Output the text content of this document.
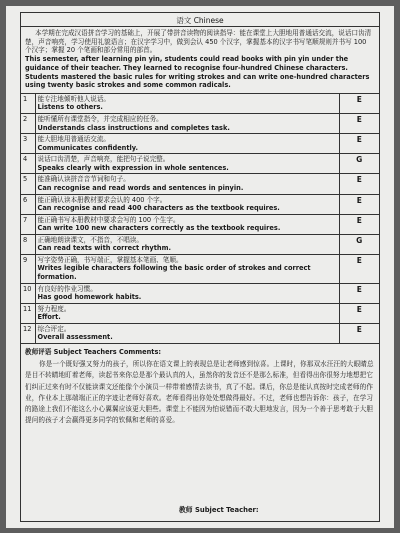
语文 Chinese

本学期在完成汉语拼音学习的基础上，开展了带拼音读物的阅读指导：能在课堂上大胆地用普通话交流，说话口齿清楚，声音响亮，学习使用礼貌语言；在汉字学习中，做到会认 450 个汉字，掌握基本的汉字书写笔顺规则并书写 100 个汉字；掌握 20 个笔画和部分常用的部首。

This semester, after learning pin yin, students could read books with pin yin under the guidance of their teacher. They learned to recognise four-hundred Chinese characters. Students mastered the basic rules for writing strokes and can write one-hundred characters using twenty basic strokes and some common radicals.

1	能专注地倾听他人说话。
Listens to others.	E
2	能听懂所有课堂指令，并完成相应的任务。
Understands class instructions and completes task.	E
3	能大胆地用普通话交流。
Communicates confidently.	E
4	说话口齿清楚，声音响亮，能把句子说完整。
Speaks clearly with expression in whole sentences.	G
5	能准确认读拼音音节词和句子。
Can recognise and read words and sentences in pinyin.	E
6	能正确认读本册教材要求会认的 400 个字。
Can recognise and read 400 characters as the textbook requires.	E
7	能正确书写本册教材中要求会写的 100 个生字。
Can write 100 new characters correctly as the textbook requires.	E
8	正确地朗读课文，不指音，不唱读。
Can read texts with correct rhythm.	G
9	写字姿势正确，书写端正，掌握基本笔画、笔顺。
Writes legible characters following the basic order of strokes and correct formation.	E
10	有良好的作业习惯。
Has good homework habits.	E
11	努力程度。
Effort.	E
12	综合评定。
Overall assessment.	E
教师评语 Subject Teachers Comments:

你是一个既好强又努力的孩子，所以你在语文课上的表现总是让老师感到惊喜。上课时，你那双水汪汪的大眼睛总是目不转睛地盯着老师，读起书来你总是那个最认真的人，虽然你的发音还不是那么标准，但看得出你很努力地想把它们纠正过来有时不仅能读课文还能像个小演员一样带着感情去读书，真了不起。课后，你总是能认真按时完成老师的作业，作业本上那端端正正的字迹让老师好喜欢。老师看得出你处处想做得最好。不过，老师也想告诉你：孩子，在学习的路途上我们不能这么小心翼翼应该更大胆些。课堂上不能因为怕说错而不敢大胆地发言，因为一个善于思考敢于大胆提问的孩子才会赢得更多同学的钦佩和老师的喜爱。

教师 Subject Teacher:
